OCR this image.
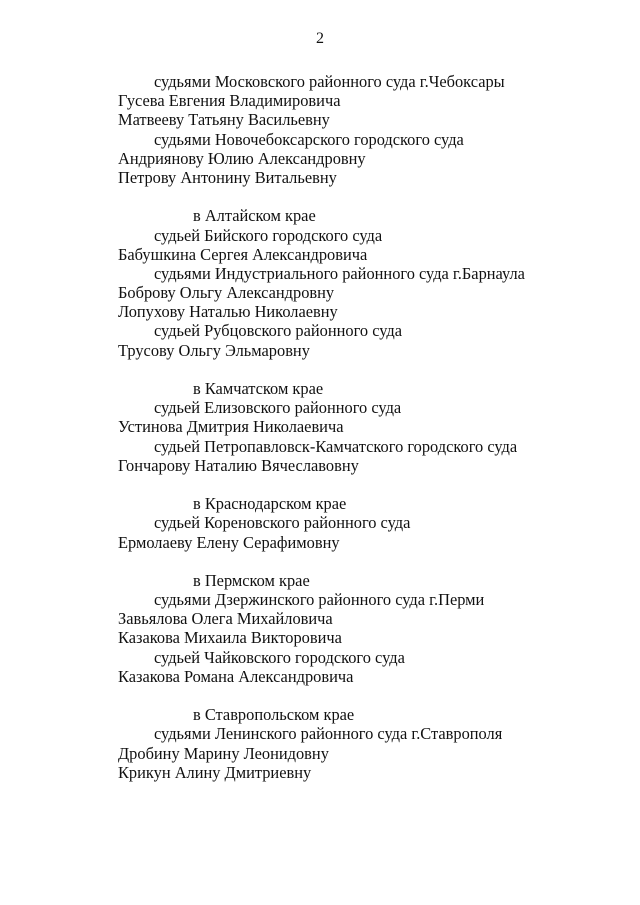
2
судьями Московского районного суда г.Чебоксары
Гусева Евгения Владимировича
Матвееву Татьяну Васильевну
судьями Новочебоксарского городского суда
Андриянову Юлию Александровну
Петрову Антонину Витальевну
в Алтайском крае
судьей Бийского городского суда
Бабушкина Сергея Александровича
судьями Индустриального районного суда г.Барнаула
Боброву Ольгу Александровну
Лопухову Наталью Николаевну
судьей Рубцовского районного суда
Трусову Ольгу Эльмаровну
в Камчатском крае
судьей Елизовского районного суда
Устинова Дмитрия Николаевича
судьей Петропавловск-Камчатского городского суда
Гончарову Наталию Вячеславовну
в Краснодарском крае
судьей Кореновского районного суда
Ермолаеву Елену Серафимовну
в Пермском крае
судьями Дзержинского районного суда г.Перми
Завьялова Олега Михайловича
Казакова Михаила Викторовича
судьей Чайковского городского суда
Казакова Романа Александровича
в Ставропольском крае
судьями Ленинского районного суда г.Ставрополя
Дробину Марину Леонидовну
Крикун Алину Дмитриевну
